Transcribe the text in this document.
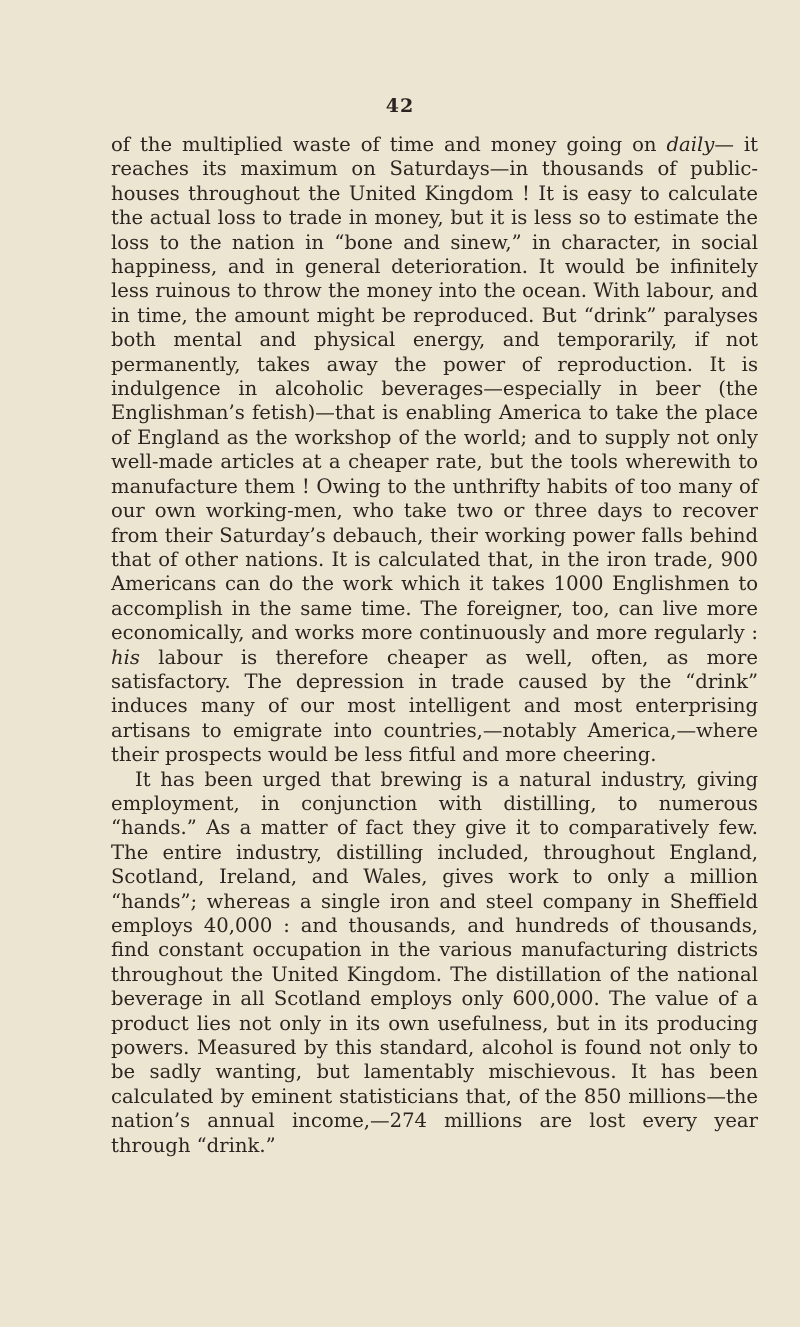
42

of the multiplied waste of time and money going on daily— it reaches its maximum on Saturdays—in thousands of public-houses throughout the United Kingdom ! It is easy to calculate the actual loss to trade in money, but it is less so to estimate the loss to the nation in “bone and sinew,” in character, in social happiness, and in general deterioration. It would be infinitely less ruinous to throw the money into the ocean. With labour, and in time, the amount might be reproduced. But “drink” paralyses both mental and physical energy, and temporarily, if not permanently, takes away the power of reproduction. It is indulgence in alcoholic beverages—especially in beer (the Englishman’s fetish)—that is enabling America to take the place of England as the workshop of the world; and to supply not only well-made articles at a cheaper rate, but the tools wherewith to manufacture them ! Owing to the unthrifty habits of too many of our own working-men, who take two or three days to recover from their Saturday’s debauch, their working power falls behind that of other nations. It is calculated that, in the iron trade, 900 Americans can do the work which it takes 1000 Englishmen to accomplish in the same time. The foreigner, too, can live more economically, and works more continuously and more regularly : his labour is therefore cheaper as well, often, as more satisfactory. The depression in trade caused by the “drink” induces many of our most intelligent and most enterprising artisans to emigrate into countries,—notably America,—where their prospects would be less fitful and more cheering.

It has been urged that brewing is a natural industry, giving employment, in conjunction with distilling, to numerous “hands.” As a matter of fact they give it to comparatively few. The entire industry, distilling included, throughout England, Scotland, Ireland, and Wales, gives work to only a million “hands”; whereas a single iron and steel company in Sheffield employs 40,000 : and thousands, and hundreds of thousands, find constant occupation in the various manufacturing districts throughout the United Kingdom. The distillation of the national beverage in all Scotland employs only 600,000. The value of a product lies not only in its own usefulness, but in its producing powers. Measured by this standard, alcohol is found not only to be sadly wanting, but lamentably mischievous. It has been calculated by eminent statisticians that, of the 850 millions—the nation’s annual income,—274 millions are lost every year through “drink.”
